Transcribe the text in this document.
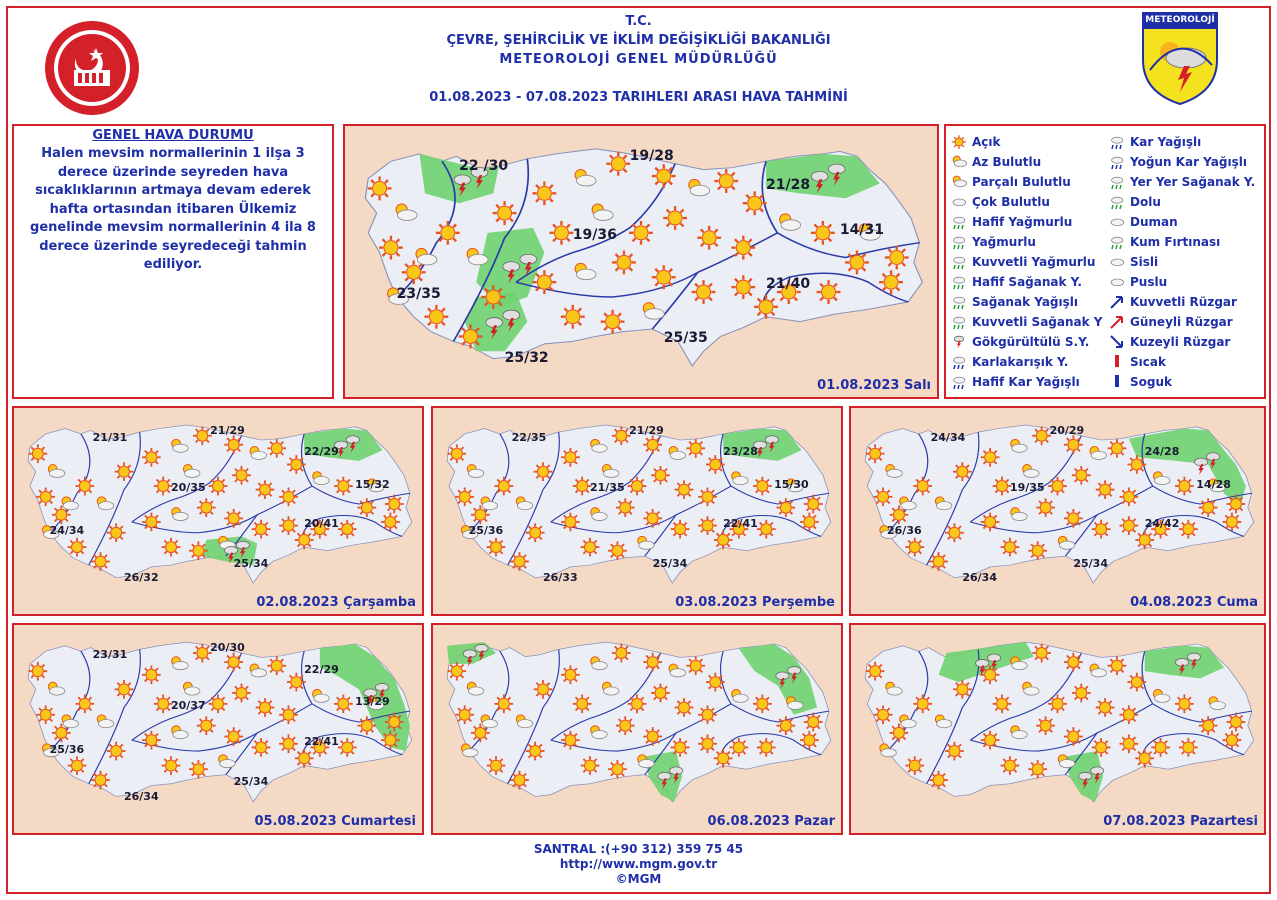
T.C.
ÇEVRE, ŞEHİRCİLİK VE İKLİM DEĞİŞİKLİĞİ BAKANLIĞI
METEOROLOJİ GENEL MÜDÜRLÜĞÜ
01.08.2023 - 07.08.2023 TARIHLERI ARASI HAVA TAHMİNİ
METEOROLOJİ
GENEL HAVA DURUMU
Halen mevsim normallerinin 1 ilşa 3 derece üzerinde seyreden hava sıcaklıklarının artmaya devam ederek hafta ortasından itibaren Ülkemiz genelinde mevsim normallerinin 4 ila 8 derece üzerinde seyredeceği tahmin ediliyor.
22 /30
19/28
21/28
19/36	14/31
23/35
21/40
25/35
25/32
01.08.2023 Salı
Açık
Az Bulutlu
Parçalı Bulutlu
Çok Bulutlu
Hafif Yağmurlu
Yağmurlu
Kuvvetli Yağmurlu
Hafif Sağanak Y.
Sağanak Yağışlı
Kuvvetli Sağanak Y
Gökgürültülü S.Y.
Karlakarışık Y.
Hafif Kar Yağışlı
Kar Yağışlı
Yoğun Kar Yağışlı
Yer Yer Sağanak Y.
Dolu
Duman
Kum Fırtınası
Sisli
Puslu
Kuvvetli Rüzgar
Güneyli Rüzgar
Kuzeyli Rüzgar
Sıcak
Soguk
21/31
21/29
22/29
20/35	15/32
24/34
20/41
25/34
26/32
02.08.2023 Çarşamba
22/35
21/29
23/28
21/35	15/30
25/36
22/41
25/34
26/33
03.08.2023 Perşembe
24/34
20/29
24/28
19/35	14/28
26/36
24/42
25/34
26/34
04.08.2023 Cuma
23/31
20/30
22/29
20/37	13/29
25/36
22/41
25/34
26/34
05.08.2023 Cumartesi	06.08.2023 Pazar	07.08.2023 Pazartesi
SANTRAL :(+90 312) 359 75 45
http://www.mgm.gov.tr
©MGM
